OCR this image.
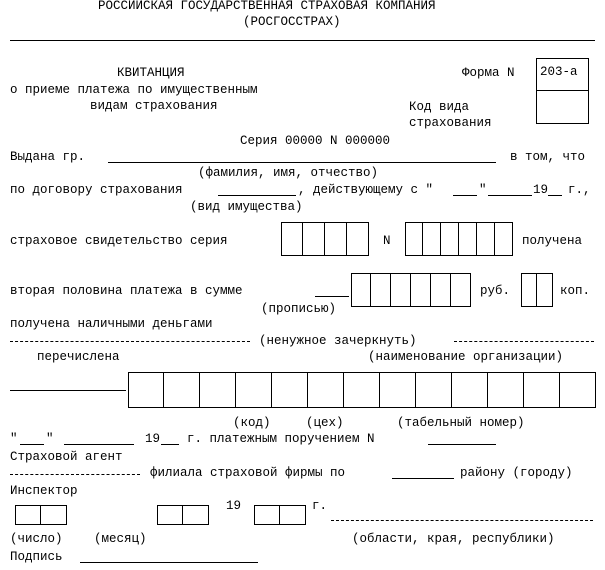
РОССИЙСКАЯ ГОСУДАРСТВЕННАЯ СТРАХОВАЯ КОМПАНИЯ
(РОСГОССТРАХ)
КВИТАНЦИЯ
о приеме платежа по имущественным
видам страхования
Форма N 203-а
Код вида
страхования
Серия 00000 N 000000
Выдана гр.	в том, что
(фамилия, имя, отчество)
по договору страхования	, действующему с "	"	19 г.,
(вид имущества)
страховое свидетельство серия	N	получена
вторая половина платежа в сумме	руб.	коп.
(прописью)
получена наличными деньгами
(ненужное зачеркнуть)
перечислена	(наименование организации)
(код)	(цех)	(табельный номер)
" "	19 г. платежным поручением N
Страховой агент
филиала страховой фирмы по	району (городу)
Инспектор
19	г.
(число)	(месяц)	(области, края, республики)
Подпись
